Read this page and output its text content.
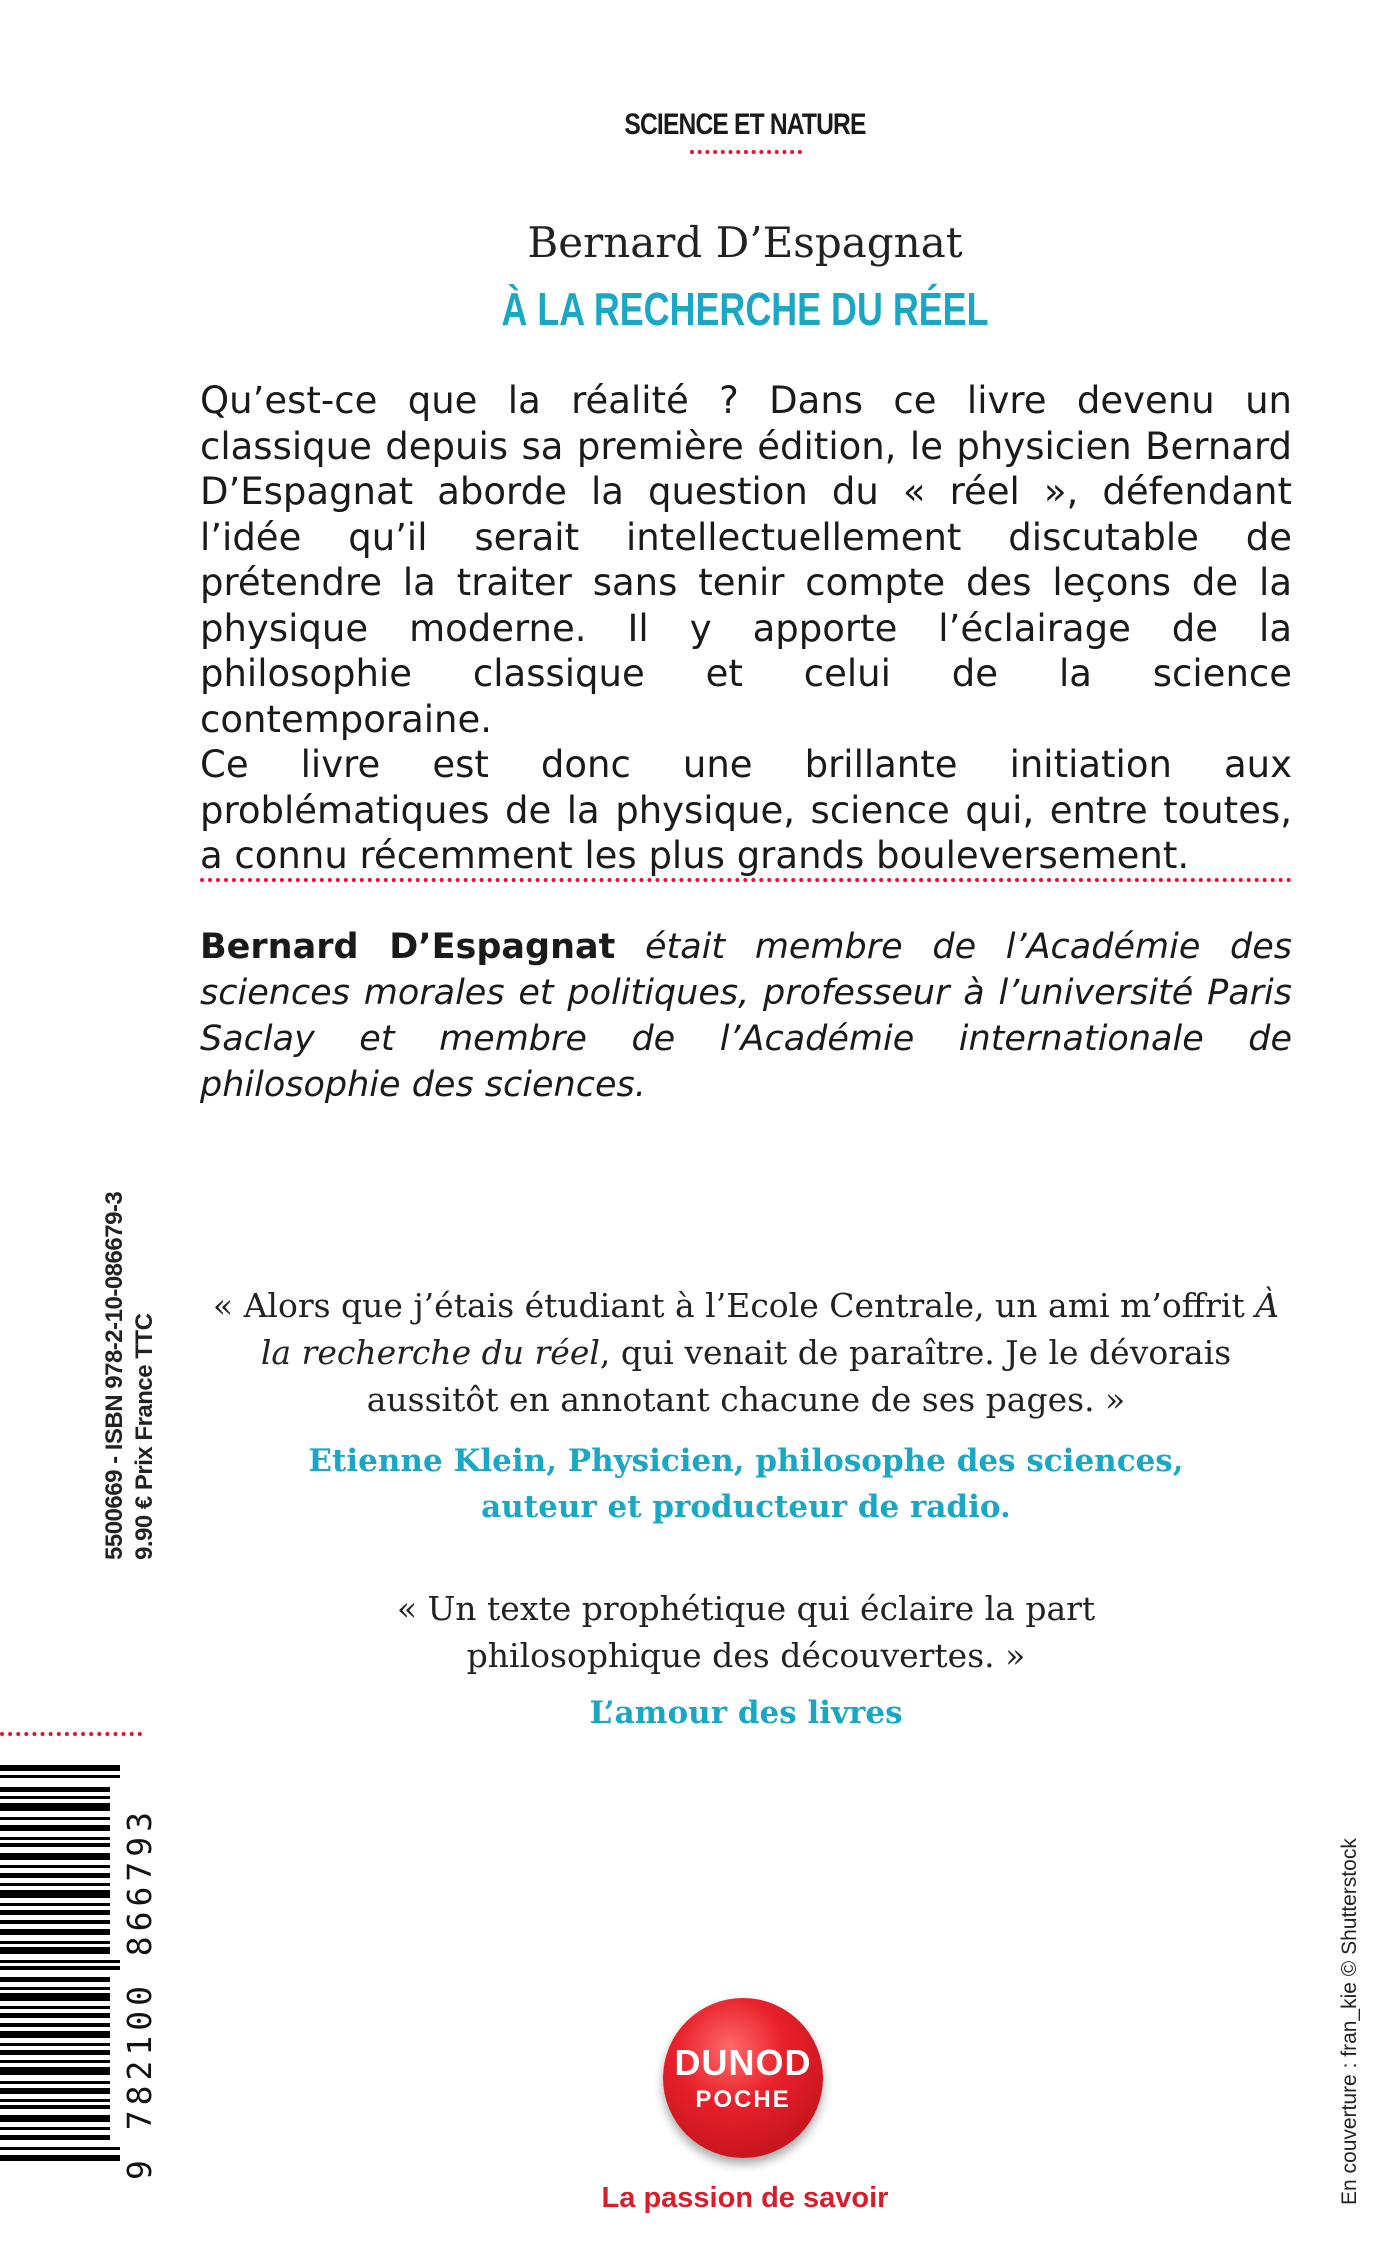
SCIENCE ET NATURE
Bernard D’Espagnat
À LA RECHERCHE DU RÉEL

Qu’est-ce que la réalité ? Dans ce livre devenu un classique depuis sa première édition, le physicien Bernard D’Espagnat aborde la question du « réel », défendant l’idée qu’il serait intellectuellement discutable de prétendre la traiter sans tenir compte des leçons de la physique moderne. Il y apporte l’éclairage de la philosophie classique et celui de la science contemporaine.

Ce livre est donc une brillante initiation aux problématiques de la physique, science qui, entre toutes, a connu récemment les plus grands bouleversement.

Bernard D’Espagnat était membre de l’Académie des sciences morales et politiques, professeur à l’université Paris Saclay et membre de l’Académie internationale de philosophie des sciences.
« Alors que j’étais étudiant à l’Ecole Centrale, un ami m’offrit À la recherche du réel, qui venait de paraître. Je le dévorais aussitôt en annotant chacune de ses pages. »
Etienne Klein, Physicien, philosophe des sciences,
auteur et producteur de radio.
« Un texte prophétique qui éclaire la part
philosophique des découvertes. »
L’amour des livres
5500669 - ISBN 978-2-10-086679-3 9.90 € Prix France TTC
9 782100 866793	En couverture : fran_kie © Shutterstock
DUNOD
POCHE
La passion de savoir
